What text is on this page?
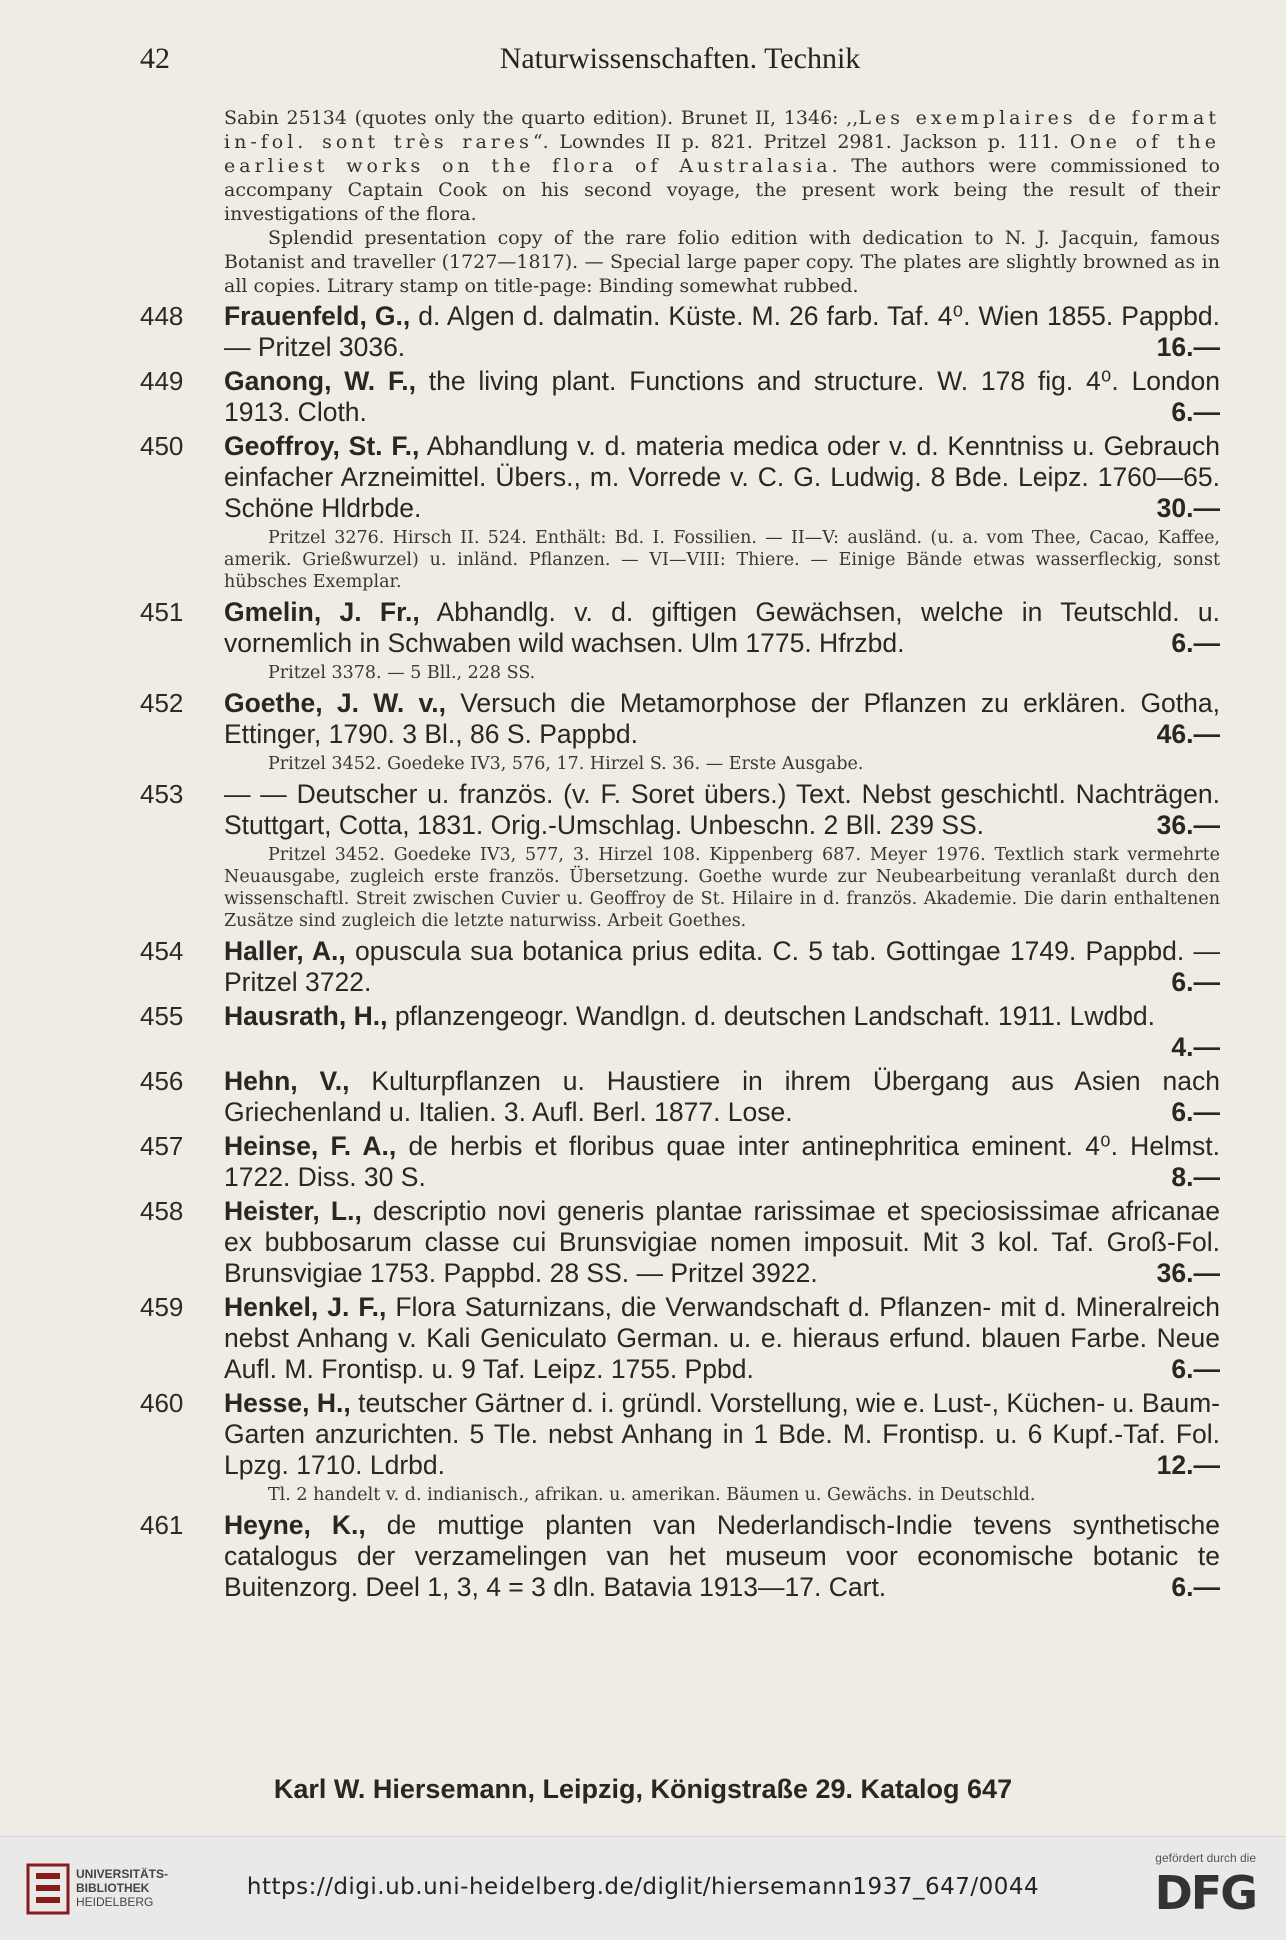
42	Naturwissenschaften. Technik

Sabin 25134 (quotes only the quarto edition). Brunet II, 1346: ,,Les exemplaires de format in-fol. sont très rares“. Lowndes II p. 821. Pritzel 2981. Jackson p. 111. One of the earliest works on the flora of Australasia. The authors were commissioned to accompany Captain Cook on his second voyage, the present work being the result of their investigations of the flora.

Splendid presentation copy of the rare folio edition with dedication to N. J. Jacquin, famous Botanist and traveller (1727—1817). — Special large paper copy. The plates are slightly browned as in all copies. Litrary stamp on title-page: Binding somewhat rubbed.

448	Frauenfeld, G., d. Algen d. dalmatin. Küste. M. 26 farb. Taf. 4⁰. Wien 1855. Pappbd. — Pritzel 3036.	16.—
449	Ganong, W. F., the living plant. Functions and structure. W. 178 fig. 4⁰. London 1913. Cloth.	6.—
450	Geoffroy, St. F., Abhandlung v. d. materia medica oder v. d. Kenntniss u. Gebrauch einfacher Arzneimittel. Übers., m. Vorrede v. C. G. Ludwig. 8 Bde. Leipz. 1760—65. Schöne Hldrbde.	30.—
Pritzel 3276. Hirsch II. 524. Enthält: Bd. I. Fossilien. — II—V: ausländ. (u. a. vom Thee, Cacao, Kaffee, amerik. Grießwurzel) u. inländ. Pflanzen. — VI—VIII: Thiere. — Einige Bände etwas wasserfleckig, sonst hübsches Exemplar.
451	Gmelin, J. Fr., Abhandlg. v. d. giftigen Gewächsen, welche in Teutschld. u. vornemlich in Schwaben wild wachsen. Ulm 1775. Hfrzbd.	6.—
Pritzel 3378. — 5 Bll., 228 SS.
452	Goethe, J. W. v., Versuch die Metamorphose der Pflanzen zu erklären. Gotha, Ettinger, 1790. 3 Bl., 86 S. Pappbd.	46.—
Pritzel 3452. Goedeke IV3, 576, 17. Hirzel S. 36. — Erste Ausgabe.
453	— — Deutscher u. französ. (v. F. Soret übers.) Text. Nebst geschichtl. Nachträgen. Stuttgart, Cotta, 1831. Orig.-Umschlag. Unbeschn. 2 Bll. 239 SS.	36.—
Pritzel 3452. Goedeke IV3, 577, 3. Hirzel 108. Kippenberg 687. Meyer 1976. Textlich stark vermehrte Neuausgabe, zugleich erste französ. Übersetzung. Goethe wurde zur Neubearbeitung veranlaßt durch den wissenschaftl. Streit zwischen Cuvier u. Geoffroy de St. Hilaire in d. französ. Akademie. Die darin enthaltenen Zusätze sind zugleich die letzte naturwiss. Arbeit Goethes.
454	Haller, A., opuscula sua botanica prius edita. C. 5 tab. Gottingae 1749. Pappbd. — Pritzel 3722.	6.—
455	Hausrath, H., pflanzengeogr. Wandlgn. d. deutschen Landschaft. 1911. Lwdbd.
4.—
456	Hehn, V., Kulturpflanzen u. Haustiere in ihrem Übergang aus Asien nach Griechenland u. Italien. 3. Aufl. Berl. 1877. Lose.	6.—
457	Heinse, F. A., de herbis et floribus quae inter antinephritica eminent. 4⁰. Helmst. 1722. Diss. 30 S.	8.—
458	Heister, L., descriptio novi generis plantae rarissimae et speciosissimae africanae ex bubbosarum classe cui Brunsvigiae nomen imposuit. Mit 3 kol. Taf. Groß-Fol. Brunsvigiae 1753. Pappbd. 28 SS. — Pritzel 3922.	36.—
459	Henkel, J. F., Flora Saturnizans, die Verwandschaft d. Pflanzen- mit d. Mineralreich nebst Anhang v. Kali Geniculato German. u. e. hieraus erfund. blauen Farbe. Neue Aufl. M. Frontisp. u. 9 Taf. Leipz. 1755. Ppbd.	6.—
460	Hesse, H., teutscher Gärtner d. i. gründl. Vorstellung, wie e. Lust-, Küchen- u. Baum-Garten anzurichten. 5 Tle. nebst Anhang in 1 Bde. M. Frontisp. u. 6 Kupf.-Taf. Fol. Lpzg. 1710. Ldrbd.	12.—
Tl. 2 handelt v. d. indianisch., afrikan. u. amerikan. Bäumen u. Gewächs. in Deutschld.
461	Heyne, K., de muttige planten van Nederlandisch-Indie tevens synthetische catalogus der verzamelingen van het museum voor economische botanic te Buitenzorg. Deel 1, 3, 4 = 3 dln. Batavia 1913—17. Cart.	6.—
Karl W. Hiersemann, Leipzig, Königstraße 29. Katalog 647
UNIVERSITÄTS-
BIBLIOTHEK
HEIDELBERG
https://digi.ub.uni-heidelberg.de/diglit/hiersemann1937_647/0044
gefördert durch die
DFG
